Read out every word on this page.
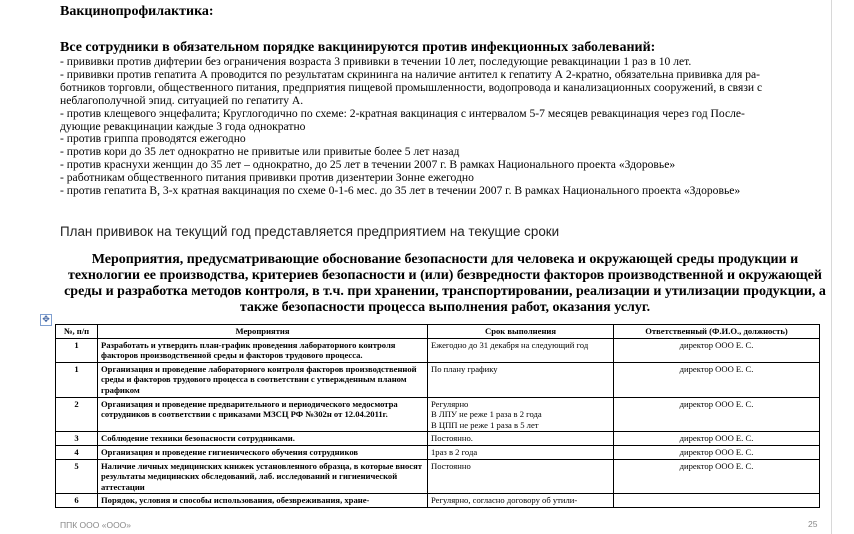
Вакцинопрофилактика:
Все сотрудники в обязательном порядке вакцинируются против инфекционных заболеваний:
- прививки против дифтерии без ограничения возраста 3 прививки в течении 10 лет, последующие ревакцинации 1 раз в 10 лет.
- прививки против гепатита А проводится по результатам скрининга на наличие антител к гепатиту А 2-кратно, обязательна прививка для ра-
ботников торговли, общественного питания, предприятия пищевой промышленности, водопровода и канализационных сооружений, в связи с
неблагополучной эпид. ситуацией по гепатиту А.
- против клещевого энцефалита; Круглогодично по схеме: 2-кратная вакцинация с интервалом 5-7 месяцев ревакцинация через год После-
дующие ревакцинации каждые 3 года однократно
- против гриппа проводятся ежегодно
- против кори до 35 лет однократно не привитые или привитые более 5 лет назад
- против краснухи женщин до 35 лет – однократно, до 25 лет в течении 2007 г. В рамках Национального проекта «Здоровье»
- работникам общественного питания прививки против дизентерии Зонне ежегодно
- против гепатита В, 3-х кратная вакцинация по схеме 0-1-6 мес. до 35 лет в течении 2007 г. В рамках Национального проекта «Здоровье»
План прививок на текущий год представляется предприятием на текущие сроки
Мероприятия, предусматривающие обоснование безопасности для человека и окружающей среды продукции и технологии ее производства, критериев безопасности и (или) безвредности факторов производственной и окружающей среды и разработка методов контроля, в т.ч. при хранении, транспортировании, реализации и утилизации продукции, а также безопасности процесса выполнения работ, оказания услуг.
✥
№, п/п	Мероприятия	Срок выполнения	Ответственный (Ф.И.О., должность)
1	Разработать и утвердить план-график проведения лабораторного контроля факторов производственной среды и факторов трудового процесса.	Ежегодно до 31 декабря на следующий год	директор ООО Е. С.
1	Организация и проведение лабораторного контроля факторов производственной среды и факторов трудового процесса в соответствии с утвержденным планом графиком	По плану графику	директор ООО Е. С.
2	Организация и проведение предварительного и периодического медосмотра сотрудников в соответствии с приказами МЗСЦ РФ №302н от 12.04.2011г.	Регулярно
В ЛПУ не реже 1 раза в 2 года
В ЦПП не реже 1 раза в 5 лет	директор ООО Е. С.
3	Соблюдение техники безопасности сотрудниками.	Постоянно.	директор ООО Е. С.
4	Организация и проведение гигиенического обучения сотрудников	1раз в 2 года	директор ООО Е. С.
5	Наличие личных медицинских книжек установленного образца, в которые вносят результаты медицинских обследований, лаб. исследований и гигиенической аттестации	Постоянно	директор ООО Е. С.
6	Порядок, условия и способы использования, обезвреживания, хране-	Регулярно, согласно договору об утили-	
ППК ООО «ООО»	25
